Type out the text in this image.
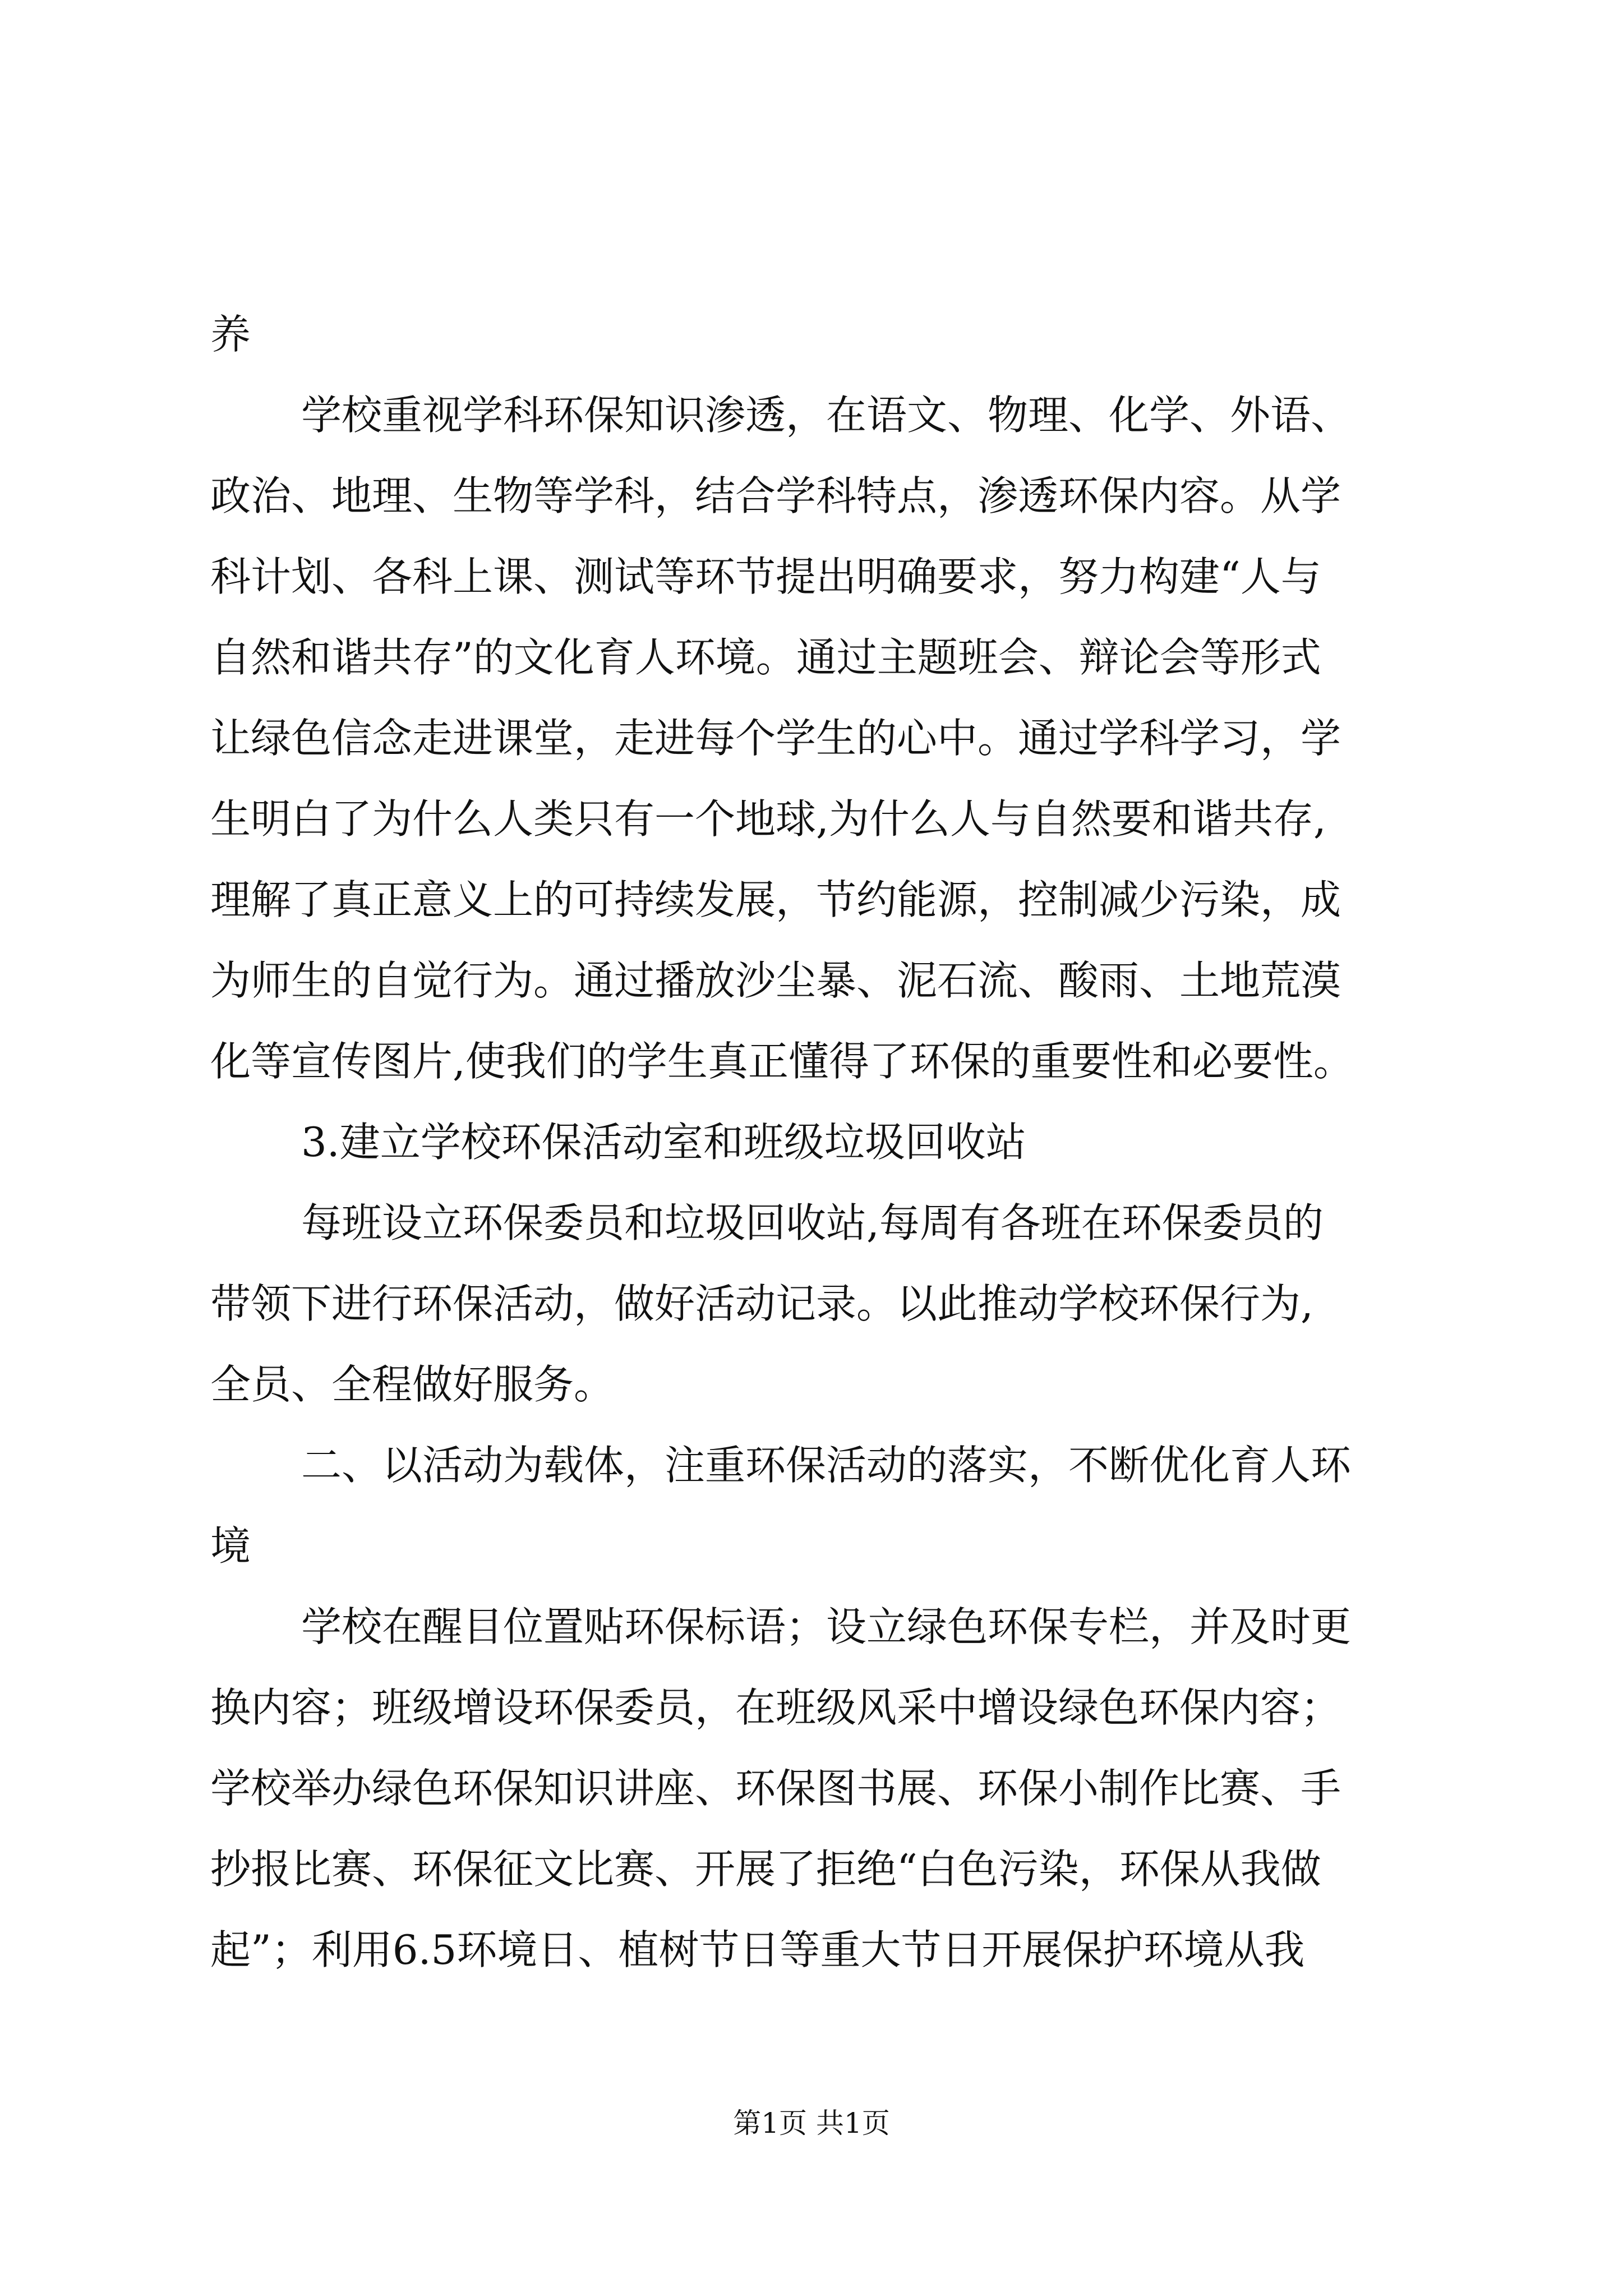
养
学校重视学科环保知识渗透，在语文、物理、化学、外语、
政治、地理、生物等学科，结合学科特点，渗透环保内容。从学
科计划、各科上课、测试等环节提出明确要求，努力构建“人与
自然和谐共存”的文化育人环境。通过主题班会、辩论会等形式
让绿色信念走进课堂，走进每个学生的心中。通过学科学习，学
生明白了为什么人类只有一个地球,为什么人与自然要和谐共存,
理解了真正意义上的可持续发展，节约能源，控制减少污染，成
为师生的自觉行为。通过播放沙尘暴、泥石流、酸雨、土地荒漠
化等宣传图片,使我们的学生真正懂得了环保的重要性和必要性。
3.建立学校环保活动室和班级垃圾回收站
每班设立环保委员和垃圾回收站,每周有各班在环保委员的
带领下进行环保活动，做好活动记录。以此推动学校环保行为,
全员、全程做好服务。
二、以活动为载体，注重环保活动的落实，不断优化育人环
境
学校在醒目位置贴环保标语；设立绿色环保专栏，并及时更
换内容；班级增设环保委员，在班级风采中增设绿色环保内容；
学校举办绿色环保知识讲座、环保图书展、环保小制作比赛、手
抄报比赛、环保征文比赛、开展了拒绝“白色污染，环保从我做
起”；利用6.5环境日、植树节日等重大节日开展保护环境从我
第1页 共1页
